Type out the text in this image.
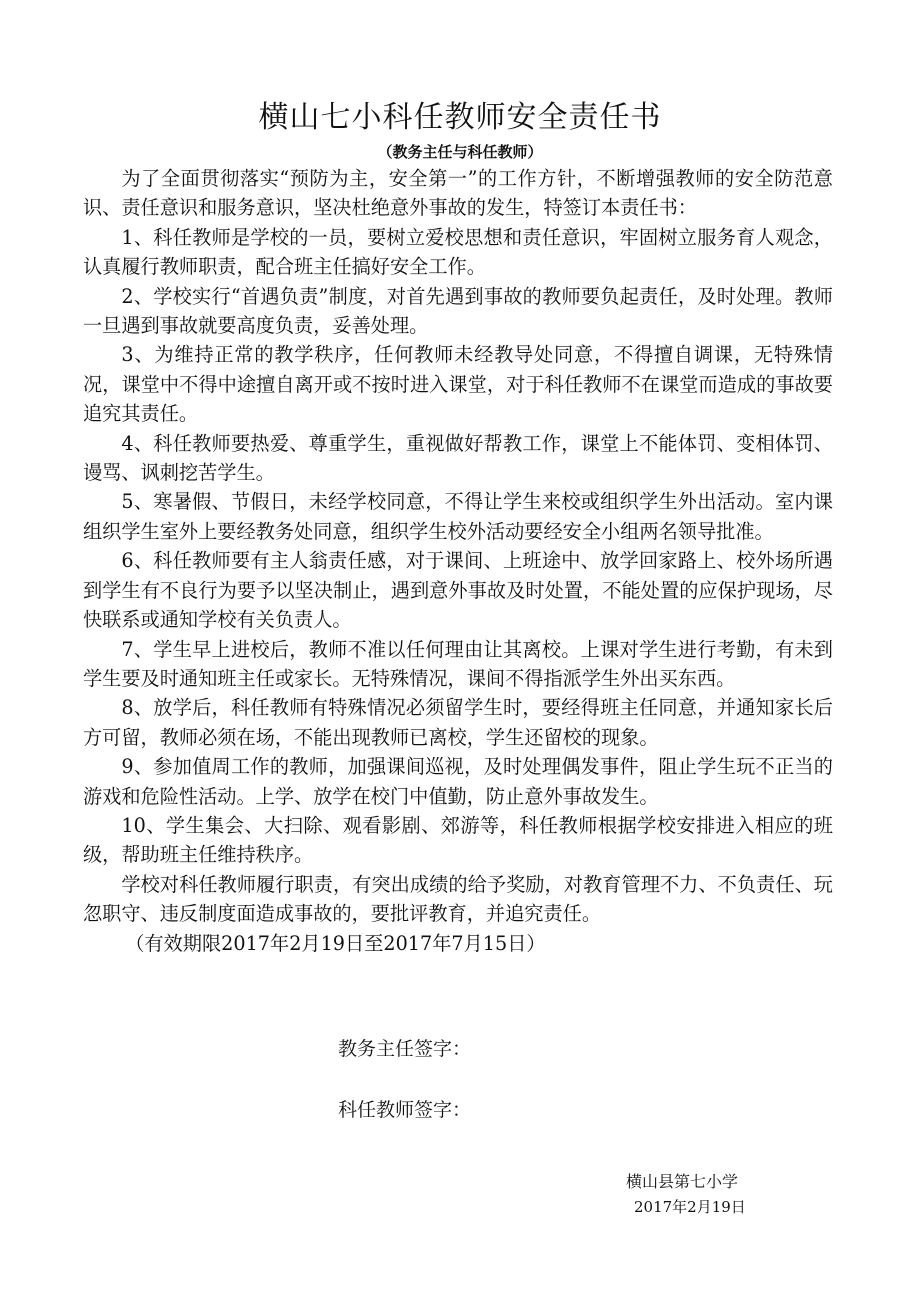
横山七小科任教师安全责任书
（教务主任与科任教师）

为了全面贯彻落实“预防为主，安全第一”的工作方针，不断增强教师的安全防范意识、责任意识和服务意识，坚决杜绝意外事故的发生，特签订本责任书：

1、科任教师是学校的一员，要树立爱校思想和责任意识，牢固树立服务育人观念，认真履行教师职责，配合班主任搞好安全工作。

2、学校实行“首遇负责”制度，对首先遇到事故的教师要负起责任，及时处理。教师一旦遇到事故就要高度负责，妥善处理。

3、为维持正常的教学秩序，任何教师未经教导处同意，不得擅自调课，无特殊情况，课堂中不得中途擅自离开或不按时进入课堂，对于科任教师不在课堂而造成的事故要追究其责任。

4、科任教师要热爱、尊重学生，重视做好帮教工作，课堂上不能体罚、变相体罚、谩骂、讽刺挖苦学生。

5、寒暑假、节假日，未经学校同意，不得让学生来校或组织学生外出活动。室内课组织学生室外上要经教务处同意，组织学生校外活动要经安全小组两名领导批准。

6、科任教师要有主人翁责任感，对于课间、上班途中、放学回家路上、校外场所遇到学生有不良行为要予以坚决制止，遇到意外事故及时处置，不能处置的应保护现场，尽快联系或通知学校有关负责人。

7、学生早上进校后，教师不准以任何理由让其离校。上课对学生进行考勤，有未到学生要及时通知班主任或家长。无特殊情况，课间不得指派学生外出买东西。

8、放学后，科任教师有特殊情况必须留学生时，要经得班主任同意，并通知家长后方可留，教师必须在场，不能出现教师已离校，学生还留校的现象。

9、参加值周工作的教师，加强课间巡视，及时处理偶发事件，阻止学生玩不正当的游戏和危险性活动。上学、放学在校门中值勤，防止意外事故发生。

10、学生集会、大扫除、观看影剧、郊游等，科任教师根据学校安排进入相应的班级，帮助班主任维持秩序。

学校对科任教师履行职责，有突出成绩的给予奖励，对教育管理不力、不负责任、玩忽职守、违反制度面造成事故的，要批评教育，并追究责任。

（有效期限2017年2月19日至2017年7月15日）

教务主任签字：
科任教师签字：
横山县第七小学
2017年2月19日
